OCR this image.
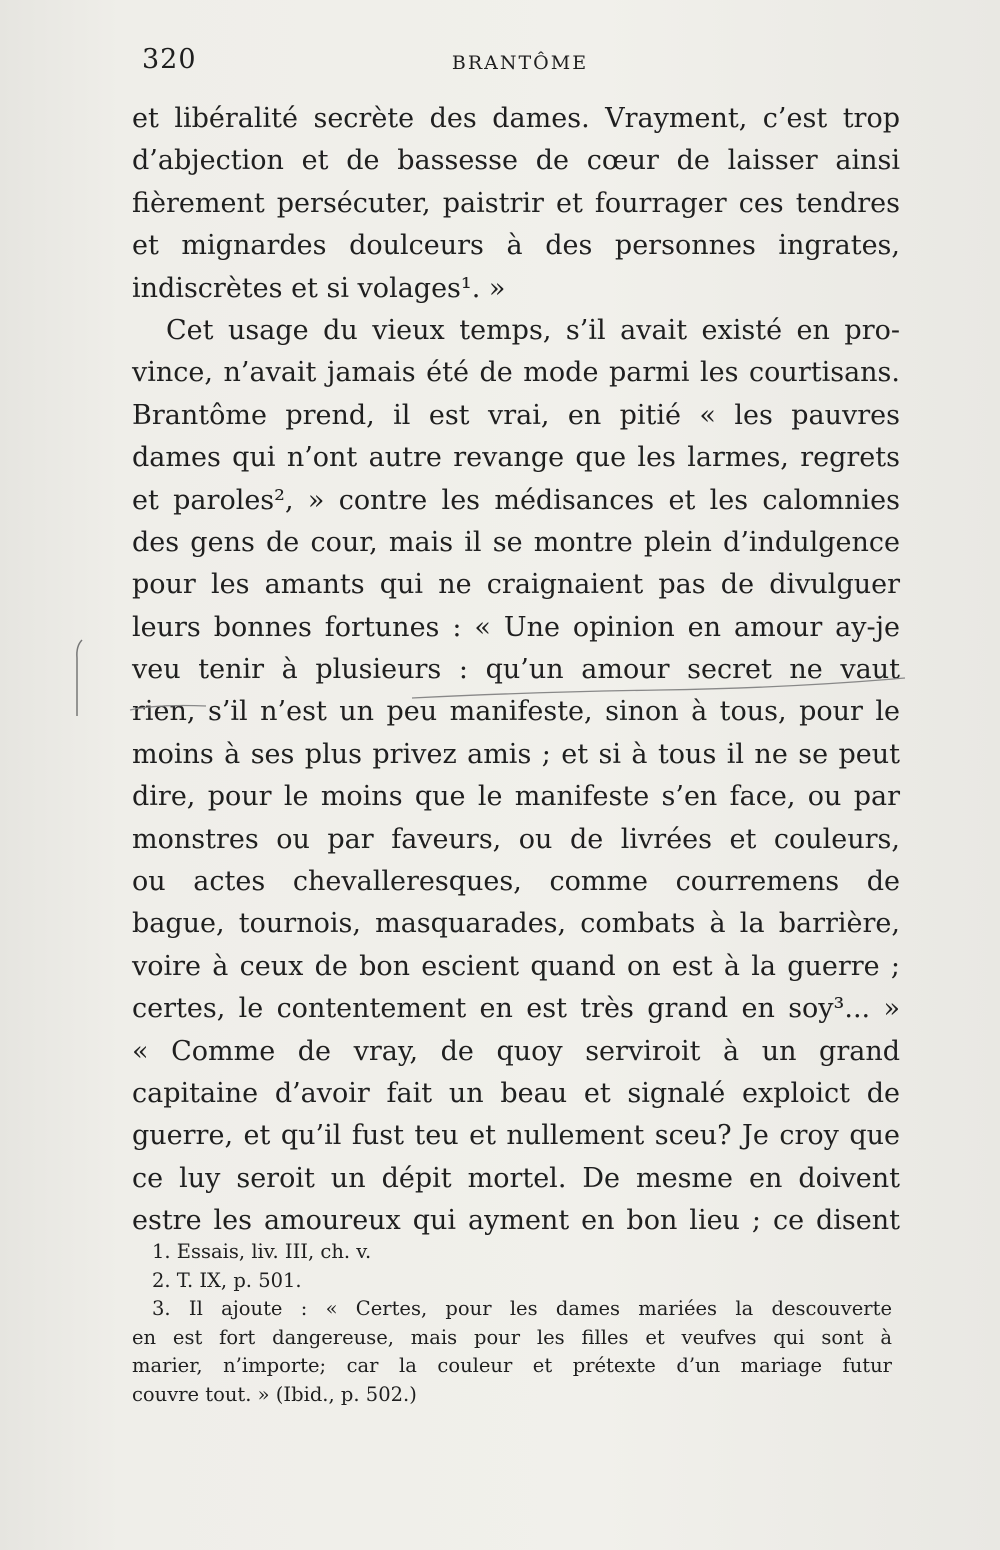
320	BRANTÔME
et libéralité secrète des dames. Vrayment, c’est trop
d’abjection et de bassesse de cœur de laisser ainsi
fièrement persécuter, paistrir et fourrager ces tendres
et mignardes doulceurs à des personnes ingrates,
indiscrètes et si volages¹. »
Cet usage du vieux temps, s’il avait existé en pro-
vince, n’avait jamais été de mode parmi les courtisans.
Brantôme prend, il est vrai, en pitié « les pauvres
dames qui n’ont autre revange que les larmes, regrets
et paroles², » contre les médisances et les calomnies
des gens de cour, mais il se montre plein d’indulgence
pour les amants qui ne craignaient pas de divulguer
leurs bonnes fortunes : « Une opinion en amour ay-je
veu tenir à plusieurs : qu’un amour secret ne vaut
rien, s’il n’est un peu manifeste, sinon à tous, pour le
moins à ses plus privez amis ; et si à tous il ne se peut
dire, pour le moins que le manifeste s’en face, ou par
monstres ou par faveurs, ou de livrées et couleurs,
ou actes chevalleresques, comme courremens de
bague, tournois, masquarades, combats à la barrière,
voire à ceux de bon escient quand on est à la guerre ;
certes, le contentement en est très grand en soy³... »
« Comme de vray, de quoy serviroit à un grand
capitaine d’avoir fait un beau et signalé exploict de
guerre, et qu’il fust teu et nullement sceu? Je croy que
ce luy seroit un dépit mortel. De mesme en doivent
estre les amoureux qui ayment en bon lieu ; ce disent
1. Essais, liv. III, ch. v.
2. T. IX, p. 501.
3. Il ajoute : « Certes, pour les dames mariées la descouverte
en est fort dangereuse, mais pour les filles et veufves qui sont à
marier, n’importe; car la couleur et prétexte d’un mariage futur
couvre tout. » (Ibid., p. 502.)
